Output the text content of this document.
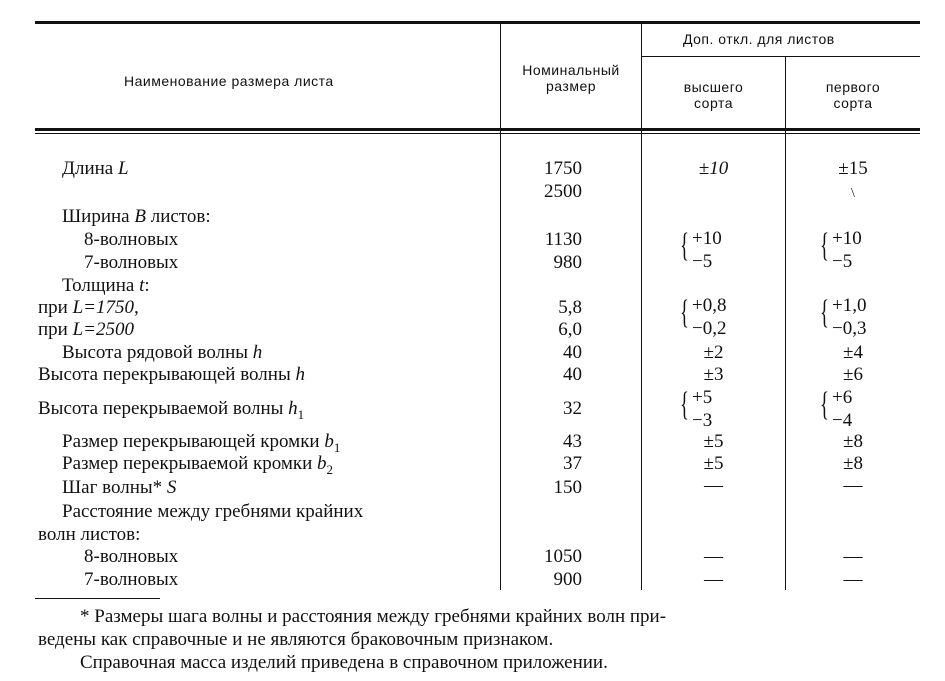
Наименование размера листа
Номинальный
размер
Доп. откл. для листов
высшего
сорта
первого
сорта
Длина L
Ширина B листов:
8-волновых
7-волновых
Толщина t:
при L=1750,
при L=2500
Высота рядовой волны h
Высота перекрывающей волны h
Высота перекрываемой волны $h_1$
Размер перекрывающей кромки $b_1$
Размер перекрываемой кромки $b_2$
Шаг волны* S
Расстояние между гребнями крайних
волн листов:
8-волновых
7-волновых
1750
2500
1130
980
5,8
6,0
40
40
32
43
37
150
1050
900
±10
{ +10
−5
{ +0,8
−0,2
±2
±3
{ +5
−3
±5
±5
—
—
—
±15
\
{ +10
−5
{ +1,0
−0,3
±4
±6
{ +6
−4
±8
±8
—
—
—
* Размеры шага волны и расстояния между гребнями крайних волн при-
ведены как справочные и не являются браковочным признаком.
Справочная масса изделий приведена в справочном приложении.
